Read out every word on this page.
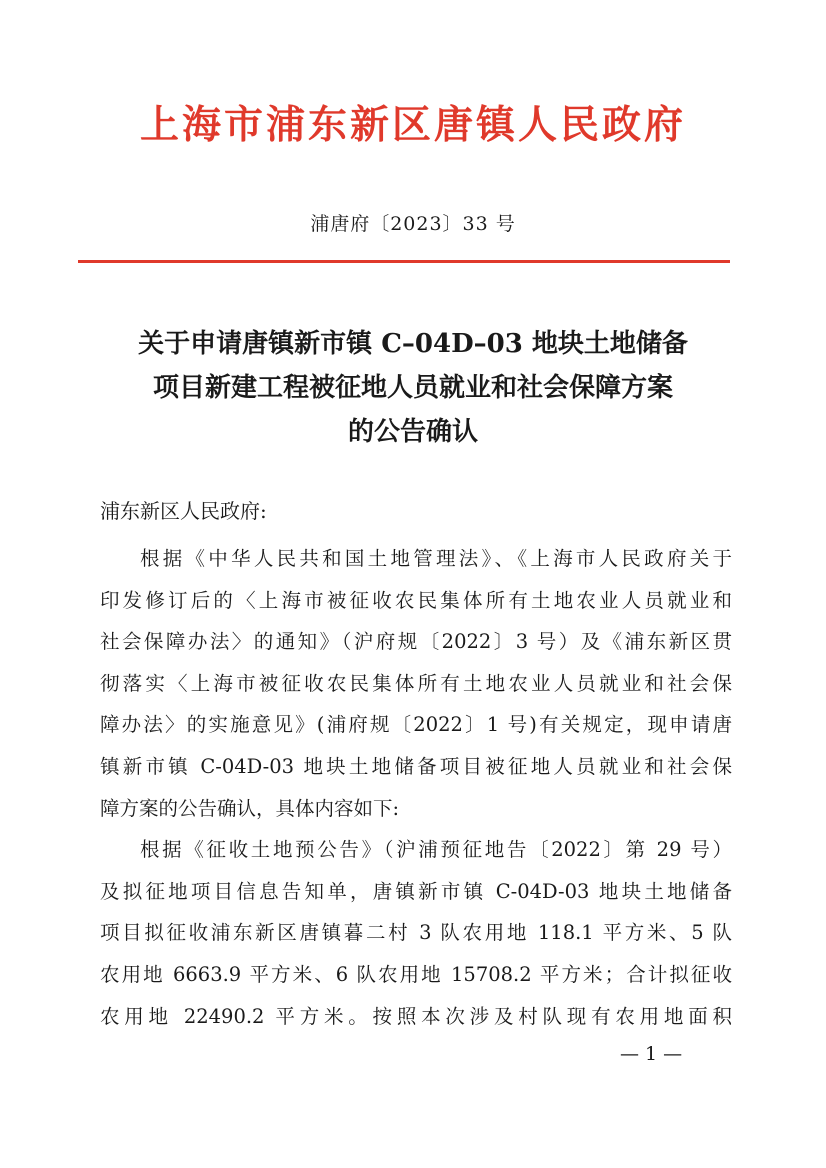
上海市浦东新区唐镇人民政府
浦唐府〔2023〕33 号
关于申请唐镇新市镇 C–04D–03 地块土地储备
项目新建工程被征地人员就业和社会保障方案
的公告确认
浦东新区人民政府:
根据《中华人民共和国土地管理法》、《上海市人民政府关于
印发修订后的〈上海市被征收农民集体所有土地农业人员就业和
社会保障办法〉的通知》（沪府规〔2022〕3 号）及《浦东新区贯
彻落实〈上海市被征收农民集体所有土地农业人员就业和社会保
障办法〉的实施意见》(浦府规〔2022〕1 号)有关规定，现申请唐
镇新市镇 C-04D-03 地块土地储备项目被征地人员就业和社会保
障方案的公告确认，具体内容如下:
根据《征收土地预公告》（沪浦预征地告〔2022〕第 29 号）
及拟征地项目信息告知单，唐镇新市镇 C-04D-03 地块土地储备
项目拟征收浦东新区唐镇暮二村 3 队农用地 118.1 平方米、5 队
农用地 6663.9 平方米、6 队农用地 15708.2 平方米；合计拟征收
农用地 22490.2 平方米。按照本次涉及村队现有农用地面积
— 1 —
